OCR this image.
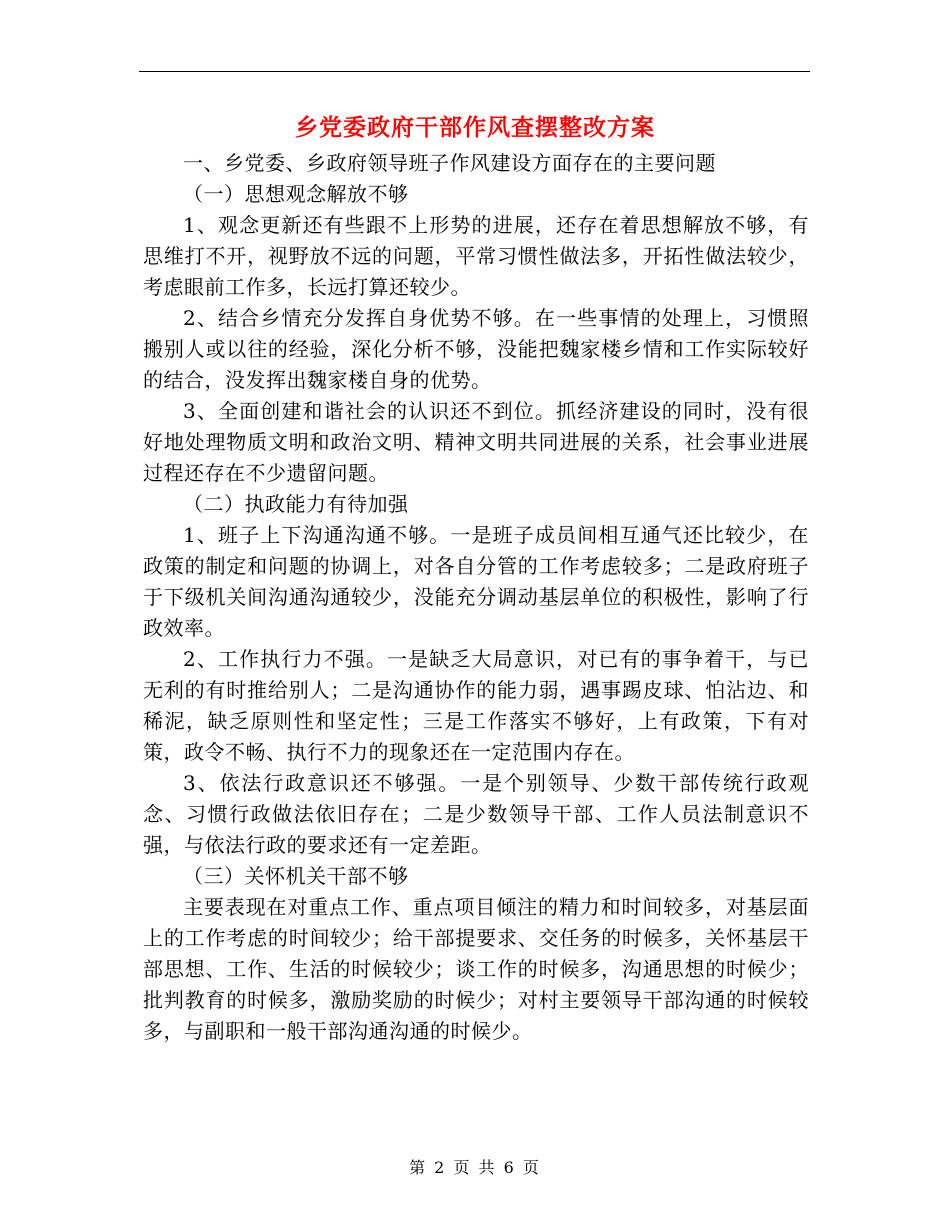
乡党委政府干部作风查摆整改方案

一、乡党委、乡政府领导班子作风建设方面存在的主要问题

（一）思想观念解放不够

1、观念更新还有些跟不上形势的进展，还存在着思想解放不够，有思维打不开，视野放不远的问题，平常习惯性做法多，开拓性做法较少，考虑眼前工作多，长远打算还较少。

2、结合乡情充分发挥自身优势不够。在一些事情的处理上，习惯照搬别人或以往的经验，深化分析不够，没能把魏家楼乡情和工作实际较好的结合，没发挥出魏家楼自身的优势。

3、全面创建和谐社会的认识还不到位。抓经济建设的同时，没有很好地处理物质文明和政治文明、精神文明共同进展的关系，社会事业进展过程还存在不少遗留问题。

（二）执政能力有待加强

1、班子上下沟通沟通不够。一是班子成员间相互通气还比较少，在政策的制定和问题的协调上，对各自分管的工作考虑较多；二是政府班子于下级机关间沟通沟通较少，没能充分调动基层单位的积极性，影响了行政效率。

2、工作执行力不强。一是缺乏大局意识，对已有的事争着干，与已无利的有时推给别人；二是沟通协作的能力弱，遇事踢皮球、怕沾边、和稀泥，缺乏原则性和坚定性；三是工作落实不够好，上有政策，下有对策，政令不畅、执行不力的现象还在一定范围内存在。

3、依法行政意识还不够强。一是个别领导、少数干部传统行政观念、习惯行政做法依旧存在；二是少数领导干部、工作人员法制意识不强，与依法行政的要求还有一定差距。

（三）关怀机关干部不够

主要表现在对重点工作、重点项目倾注的精力和时间较多，对基层面上的工作考虑的时间较少；给干部提要求、交任务的时候多，关怀基层干部思想、工作、生活的时候较少；谈工作的时候多，沟通思想的时候少；批判教育的时候多，激励奖励的时候少；对村主要领导干部沟通的时候较多，与副职和一般干部沟通沟通的时候少。

第 2 页 共 6 页
